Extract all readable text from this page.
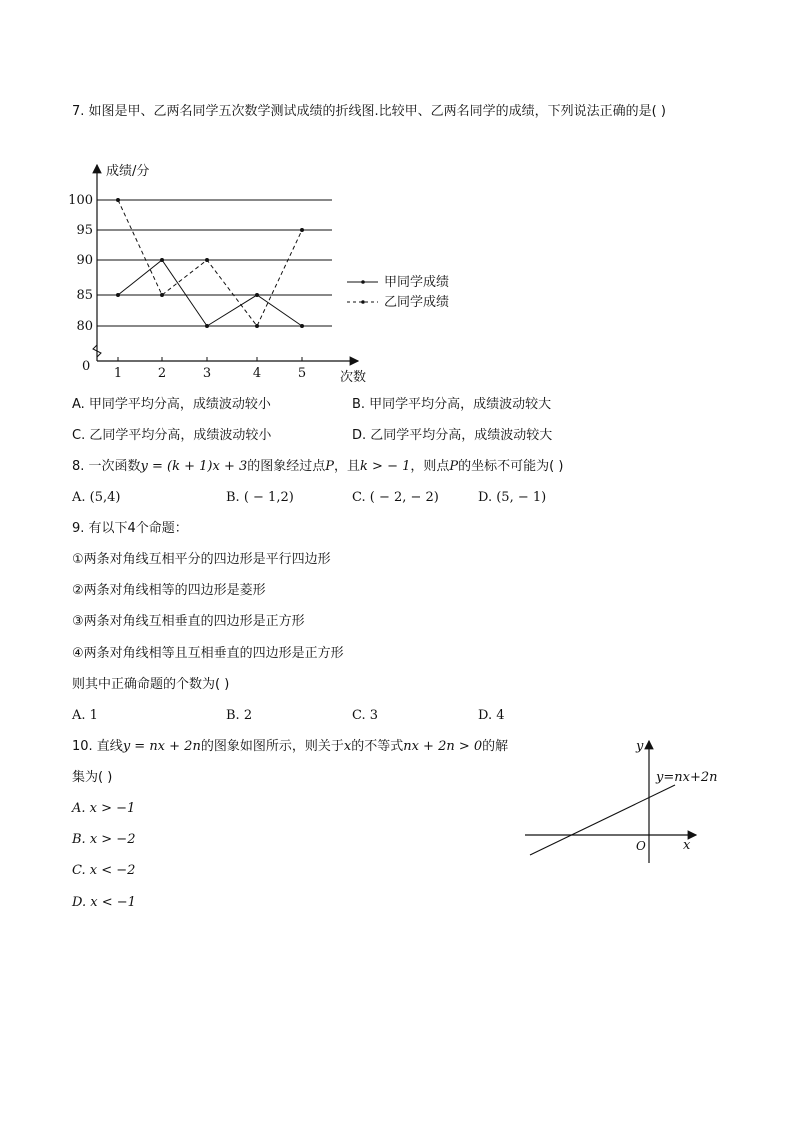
7. 如图是甲、乙两名同学五次数学测试成绩的折线图.比较甲、乙两名同学的成绩，下列说法正确的是( )
成绩/分
次数
0
80
85
90
95
100
1	2	3	4	5
甲同学成绩
乙同学成绩
A. 甲同学平均分高，成绩波动较小	B. 甲同学平均分高，成绩波动较大
C. 乙同学平均分高，成绩波动较小	D. 乙同学平均分高，成绩波动较大
8. 一次函数y = (k + 1)x + 3的图象经过点P，且k > − 1，则点P的坐标不可能为( )
A. (5,4)	B. ( − 1,2)	C. ( − 2, − 2)	D. (5, − 1)
9. 有以下4个命题：
①两条对角线互相平分的四边形是平行四边形
②两条对角线相等的四边形是菱形
③两条对角线互相垂直的四边形是正方形
④两条对角线相等且互相垂直的四边形是正方形
则其中正确命题的个数为( )
A. 1	B. 2	C. 3	D. 4
10. 直线y = nx + 2n的图象如图所示，则关于x的不等式nx + 2n > 0的解
集为( )
A. x > −1
B. x > −2
C. x < −2
D. x < −1
y
x
O
y=nx+2n
